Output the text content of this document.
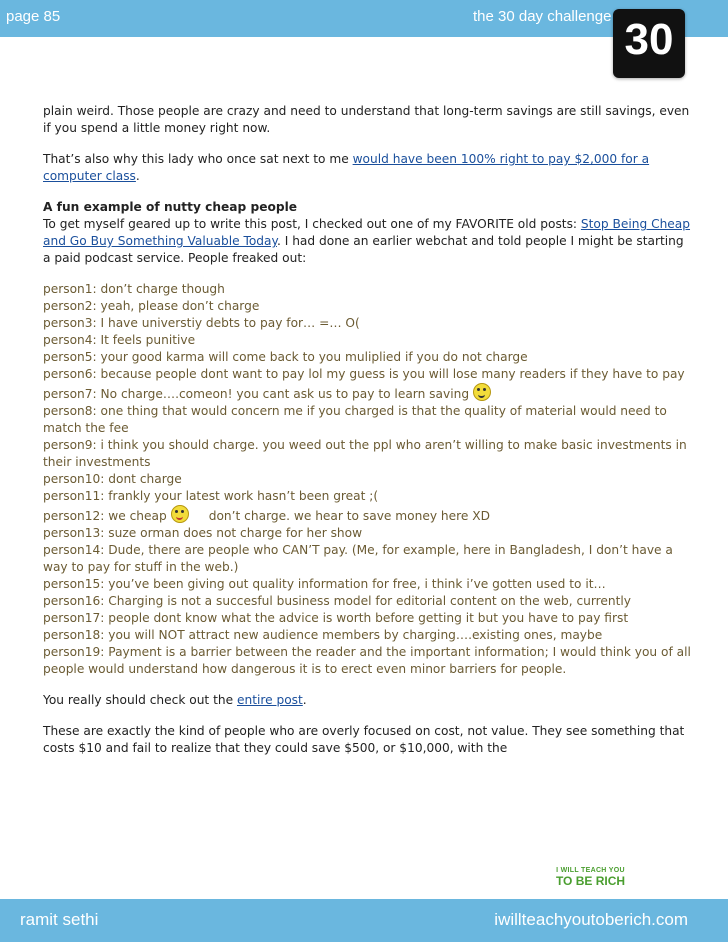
page 85	the 30 day challenge 30

plain weird. Those people are crazy and need to understand that long-term savings are still savings, even if you spend a little money right now.

That’s also why this lady who once sat next to me would have been 100% right to pay $2,000 for a computer class.

A fun example of nutty cheap people
To get myself geared up to write this post, I checked out one of my FAVORITE old posts: Stop Being Cheap and Go Buy Something Valuable Today. I had done an earlier webchat and told people I might be starting a paid podcast service. People freaked out:

person1: don’t charge though
person2: yeah, please don’t charge
person3: I have universtiy debts to pay for… =… O(
person4: It feels punitive
person5: your good karma will come back to you muliplied if you do not charge
person6: because people dont want to pay lol my guess is you will lose many readers if they have to pay
person7: No charge….comeon! you cant ask us to pay to learn saving
person8: one thing that would concern me if you charged is that the quality of material would need to match the fee
person9: i think you should charge. you weed out the ppl who aren’t willing to make basic investments in their investments
person10: dont charge
person11: frankly your latest work hasn’t been great ;(
person12: we cheap	don’t charge. we hear to save money here XD
person13: suze orman does not charge for her show
person14: Dude, there are people who CAN’T pay. (Me, for example, here in Bangladesh, I don’t have a way to pay for stuff in the web.)
person15: you’ve been giving out quality information for free, i think i’ve gotten used to it…
person16: Charging is not a succesful business model for editorial content on the web, currently
person17: people dont know what the advice is worth before getting it but you have to pay first
person18: you will NOT attract new audience members by charging….existing ones, maybe
person19: Payment is a barrier between the reader and the important information; I would think you of all people would understand how dangerous it is to erect even minor barriers for people.

You really should check out the entire post.

These are exactly the kind of people who are overly focused on cost, not value. They see something that costs $10 and fail to realize that they could save $500, or $10,000, with the

I WILL TEACH YOU
TO BE RICH
ramit sethi	iwillteachyoutoberich.com
